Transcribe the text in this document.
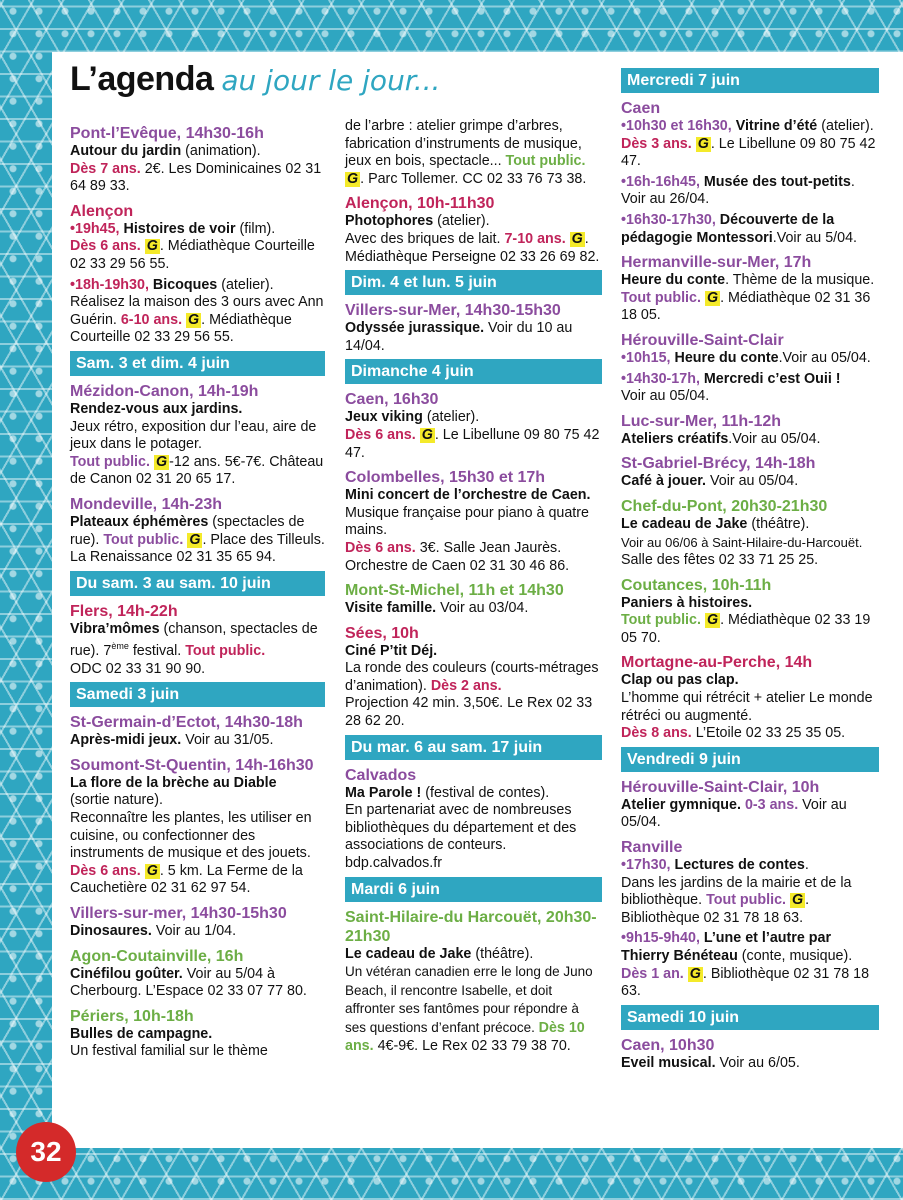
L’agenda au jour le jour...
Pont-l’Evêque, 14h30-16h
Autour du jardin (animation).
Dès 7 ans. 2€. Les Dominicaines 02 31 64 89 33.
Alençon
•19h45, Histoires de voir (film).
Dès 6 ans. G . Médiathèque Courteille 02 33 29 56 55.
•18h-19h30, Bicoques (atelier). Réalisez la maison des 3 ours avec Ann Guérin. 6-10 ans. G . Médiathèque Courteille 02 33 29 56 55.
Sam. 3 et dim. 4 juin
Mézidon-Canon, 14h-19h
Rendez-vous aux jardins.
Jeux rétro, exposition dur l’eau, aire de jeux dans le potager.
Tout public. G -12 ans. 5€-7€. Château de Canon 02 31 20 65 17.
Mondeville, 14h-23h
Plateaux éphémères (spectacles de rue). Tout public. G . Place des Tilleuls. La Renaissance 02 31 35 65 94.
Du sam. 3 au sam. 10 juin
Flers, 14h-22h
Vibra’mômes (chanson, spectacles de rue). 7ème festival. Tout public.
ODC 02 33 31 90 90.
Samedi 3 juin
St-Germain-d’Ectot, 14h30-18h
Après-midi jeux. Voir au 31/05.
Soumont-St-Quentin, 14h-16h30
La flore de la brèche au Diable
(sortie nature).
Reconnaître les plantes, les utiliser en cuisine, ou confectionner des instruments de musique et des jouets.
Dès 6 ans. G . 5 km. La Ferme de la Cauchetière 02 31 62 97 54.
Villers-sur-mer, 14h30-15h30
Dinosaures. Voir au 1/04.
Agon-Coutainville, 16h
Cinéfilou goûter. Voir au 5/04 à Cherbourg. L’Espace 02 33 07 77 80.
Périers, 10h-18h
Bulles de campagne.
Un festival familial sur le thème
de l’arbre : atelier grimpe d’arbres, fabrication d’instruments de musique, jeux en bois, spectacle... Tout public. G . Parc Tollemer. CC 02 33 76 73 38.
Alençon, 10h-11h30
Photophores (atelier).
Avec des briques de lait. 7-10 ans. G . Médiathèque Perseigne 02 33 26 69 82.
Dim. 4 et lun. 5 juin
Villers-sur-Mer, 14h30-15h30
Odyssée jurassique. Voir du 10 au 14/04.
Dimanche 4 juin
Caen, 16h30
Jeux viking (atelier).
Dès 6 ans. G . Le Libellune 09 80 75 42 47.
Colombelles, 15h30 et 17h
Mini concert de l’orchestre de Caen.
Musique française pour piano à quatre mains.
Dès 6 ans. 3€. Salle Jean Jaurès. Orchestre de Caen 02 31 30 46 86.
Mont-St-Michel, 11h et 14h30
Visite famille. Voir au 03/04.
Sées, 10h
Ciné P’tit Déj.
La ronde des couleurs (courts-métrages d’animation). Dès 2 ans.
Projection 42 min. 3,50€. Le Rex 02 33 28 62 20.
Du mar. 6 au sam. 17 juin
Calvados
Ma Parole ! (festival de contes).
En partenariat avec de nombreuses bibliothèques du département et des associations de conteurs.
bdp.calvados.fr
Mardi 6 juin
Saint-Hilaire-du Harcouët, 20h30-21h30
Le cadeau de Jake (théâtre).
Un vétéran canadien erre le long de Juno Beach, il rencontre Isabelle, et doit affronter ses fantômes pour répondre à ses questions d’enfant précoce. Dès 10 ans. 4€-9€. Le Rex 02 33 79 38 70.
Mercredi 7 juin
Caen
•10h30 et 16h30, Vitrine d’été (atelier). Dès 3 ans. G . Le Libellune 09 80 75 42 47.
•16h-16h45, Musée des tout-petits. Voir au 26/04.
•16h30-17h30, Découverte de la pédagogie Montessori.Voir au 5/04.
Hermanville-sur-Mer, 17h
Heure du conte. Thème de la musique.
Tout public. G . Médiathèque 02 31 36 18 05.
Hérouville-Saint-Clair
•10h15, Heure du conte.Voir au 05/04.
•14h30-17h, Mercredi c’est Ouii !
Voir au 05/04.
Luc-sur-Mer, 11h-12h
Ateliers créatifs.Voir au 05/04.
St-Gabriel-Brécy, 14h-18h
Café à jouer. Voir au 05/04.
Chef-du-Pont, 20h30-21h30
Le cadeau de Jake (théâtre).
Voir au 06/06 à Saint-Hilaire-du-Harcouët.
Salle des fêtes 02 33 71 25 25.
Coutances, 10h-11h
Paniers à histoires.
Tout public. G . Médiathèque 02 33 19 05 70.
Mortagne-au-Perche, 14h
Clap ou pas clap.
L’homme qui rétrécit + atelier Le monde rétréci ou augmenté.
Dès 8 ans. L’Etoile 02 33 25 35 05.
Vendredi 9 juin
Hérouville-Saint-Clair, 10h
Atelier gymnique. 0-3 ans. Voir au 05/04.
Ranville
•17h30, Lectures de contes.
Dans les jardins de la mairie et de la bibliothèque. Tout public. G . Bibliothèque 02 31 78 18 63.
•9h15-9h40, L’une et l’autre par Thierry Bénéteau (conte, musique).
Dès 1 an. G . Bibliothèque 02 31 78 18 63.
Samedi 10 juin
Caen, 10h30
Eveil musical. Voir au 6/05.
32
